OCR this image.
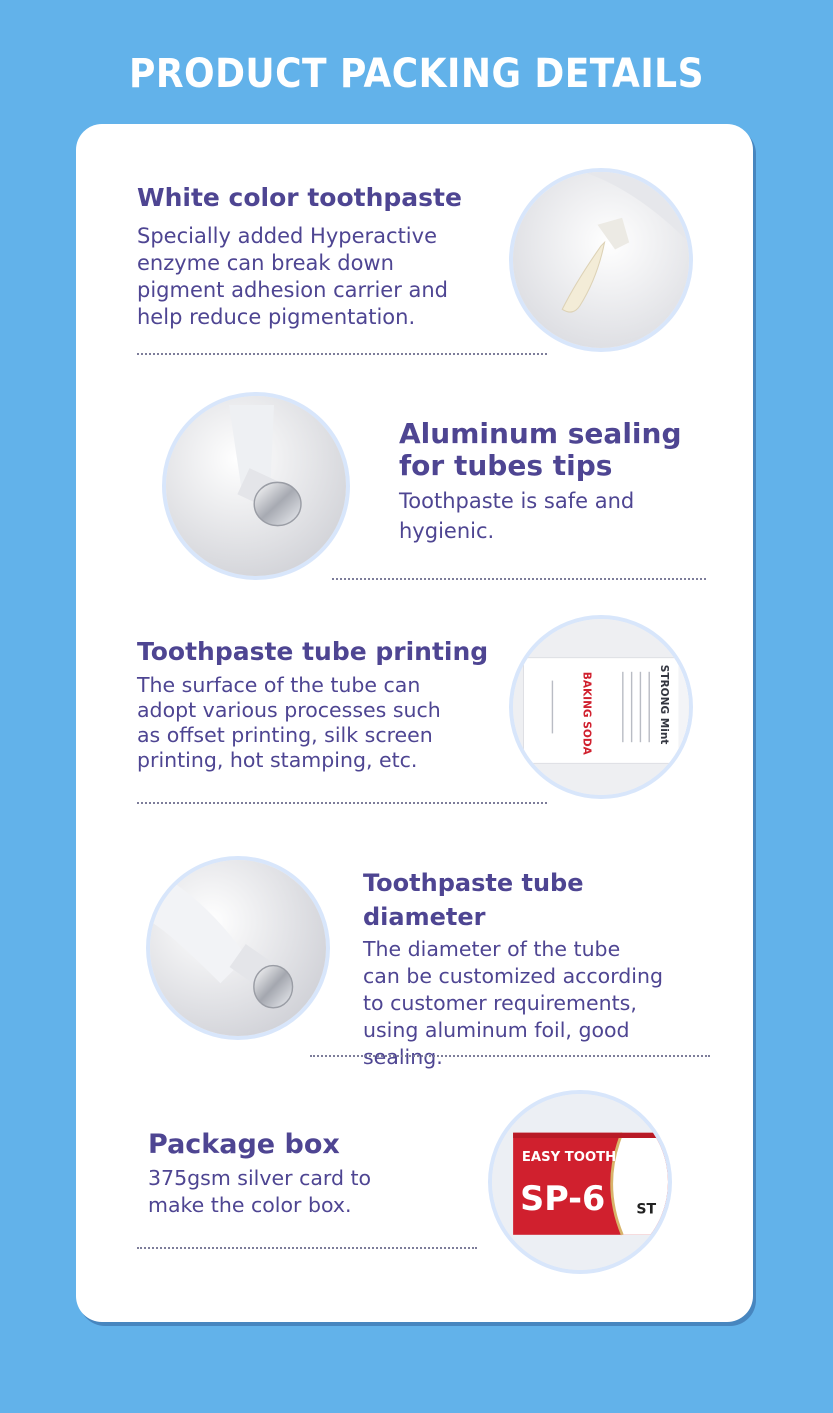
PRODUCT PACKING DETAILS
White color toothpaste

Specially added Hyperactive

enzyme can break down

pigment adhesion carrier and

help reduce pigmentation.

Aluminum sealing
for tubes tips

Toothpaste is safe and

hygienic.

Toothpaste tube printing

The surface of the tube can

adopt various processes such

as offset printing, silk screen

printing, hot stamping, etc.

BAKING SODA	STRONG Mint
Toothpaste tube diameter

The diameter of the tube

can be customized according

to customer requirements,

using aluminum foil, good

sealing.

Package box

375gsm silver card to

make the color box.

EASY TOOTH
SP-6	ST
